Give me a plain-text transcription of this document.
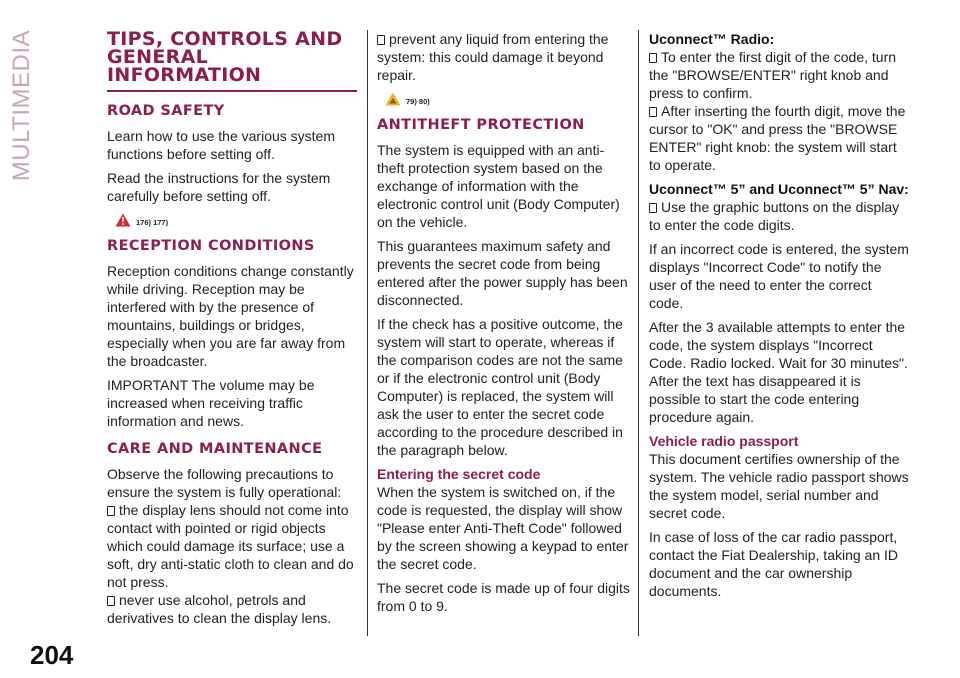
MULTIMEDIA	TIPS, CONTROLS AND GENERAL INFORMATION
ROAD SAFETY

Learn how to use the various system functions before setting off.

Read the instructions for the system carefully before setting off.

176) 177)
RECEPTION CONDITIONS

Reception conditions change constantly while driving. Reception may be interfered with by the presence of mountains, buildings or bridges, especially when you are far away from the broadcaster.

IMPORTANT The volume may be increased when receiving traffic information and news.

CARE AND MAINTENANCE

Observe the following precautions to ensure the system is fully operational:

the display lens should not come into contact with pointed or rigid objects which could damage its surface; use a soft, dry anti-static cloth to clean and do not press.
never use alcohol, petrols and derivatives to clean the display lens.
prevent any liquid from entering the system: this could damage it beyond repair.
79) 80)
ANTITHEFT PROTECTION

The system is equipped with an anti-theft protection system based on the exchange of information with the electronic control unit (Body Computer) on the vehicle.

This guarantees maximum safety and prevents the secret code from being entered after the power supply has been disconnected.

If the check has a positive outcome, the system will start to operate, whereas if the comparison codes are not the same or if the electronic control unit (Body Computer) is replaced, the system will ask the user to enter the secret code according to the procedure described in the paragraph below.

Entering the secret code

When the system is switched on, if the code is requested, the display will show "Please enter Anti-Theft Code" followed by the screen showing a keypad to enter the secret code.

The secret code is made up of four digits from 0 to 9.

Uconnect™ Radio:
To enter the first digit of the code, turn the "BROWSE/ENTER" right knob and press to confirm.
After inserting the fourth digit, move the cursor to "OK" and press the "BROWSE ENTER" right knob: the system will start to operate.
Uconnect™ 5” and Uconnect™ 5” Nav:
Use the graphic buttons on the display to enter the code digits.

If an incorrect code is entered, the system displays "Incorrect Code" to notify the user of the need to enter the correct code.

After the 3 available attempts to enter the code, the system displays "Incorrect Code. Radio locked. Wait for 30 minutes". After the text has disappeared it is possible to start the code entering procedure again.

Vehicle radio passport

This document certifies ownership of the system. The vehicle radio passport shows the system model, serial number and secret code.

In case of loss of the car radio passport, contact the Fiat Dealership, taking an ID document and the car ownership documents.

204
